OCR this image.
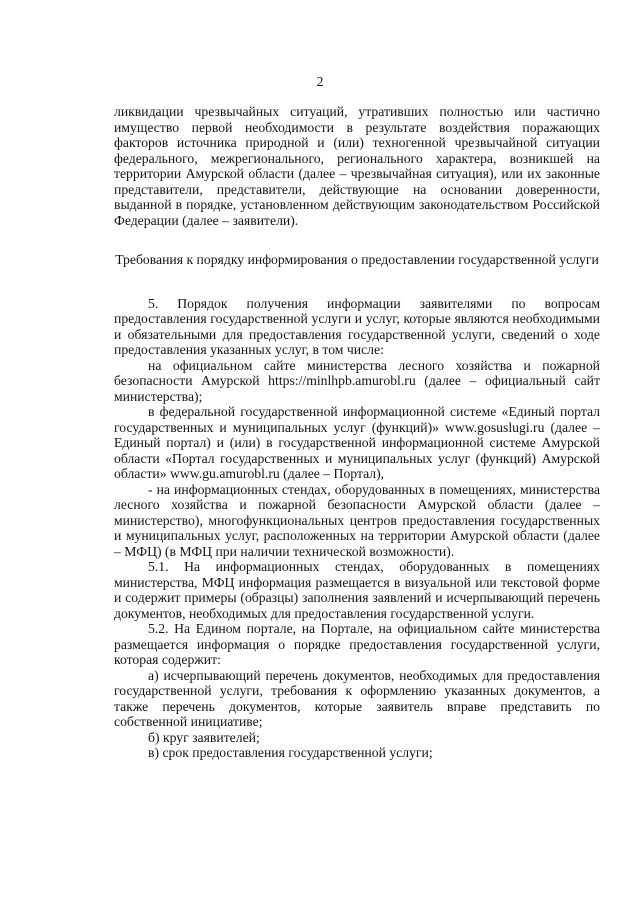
2

ликвидации чрезвычайных ситуаций, утративших полностью или частично имущество первой необходимости в результате воздействия поражающих факторов источника природной и (или) техногенной чрезвычайной ситуации федерального, межрегионального, регионального характера, возникшей на территории Амурской области (далее – чрезвычайная ситуация), или их законные представители, представители, действующие на основании доверенности, выданной в порядке, установленном действующим законодательством Российской Федерации (далее – заявители).

Требования к порядку информирования о предоставлении государственной услуги

5. Порядок получения информации заявителями по вопросам предоставления государственной услуги и услуг, которые являются необходимыми и обязательными для предоставления государственной услуги, сведений о ходе предоставления указанных услуг, в том числе:

на официальном сайте министерства лесного хозяйства и пожарной безопасности Амурской https://minlhpb.amurobl.ru (далее – официальный сайт министерства);

в федеральной государственной информационной системе «Единый портал государственных и муниципальных услуг (функций)» www.gosuslugi.ru (далее – Единый портал) и (или) в государственной информационной системе Амурской области «Портал государственных и муниципальных услуг (функций) Амурской области» www.gu.amurobl.ru (далее – Портал),

- на информационных стендах, оборудованных в помещениях, министерства лесного хозяйства и пожарной безопасности Амурской области (далее – министерство), многофункциональных центров предоставления государственных и муниципальных услуг, расположенных на территории Амурской области (далее – МФЦ) (в МФЦ при наличии технической возможности).

5.1. На информационных стендах, оборудованных в помещениях министерства, МФЦ информация размещается в визуальной или текстовой форме и содержит примеры (образцы) заполнения заявлений и исчерпывающий перечень документов, необходимых для предоставления государственной услуги.

5.2. На Едином портале, на Портале, на официальном сайте министерства размещается информация о порядке предоставления государственной услуги, которая содержит:

а) исчерпывающий перечень документов, необходимых для предоставления государственной услуги, требования к оформлению указанных документов, а также перечень документов, которые заявитель вправе представить по собственной инициативе;

б) круг заявителей;

в) срок предоставления государственной услуги;
